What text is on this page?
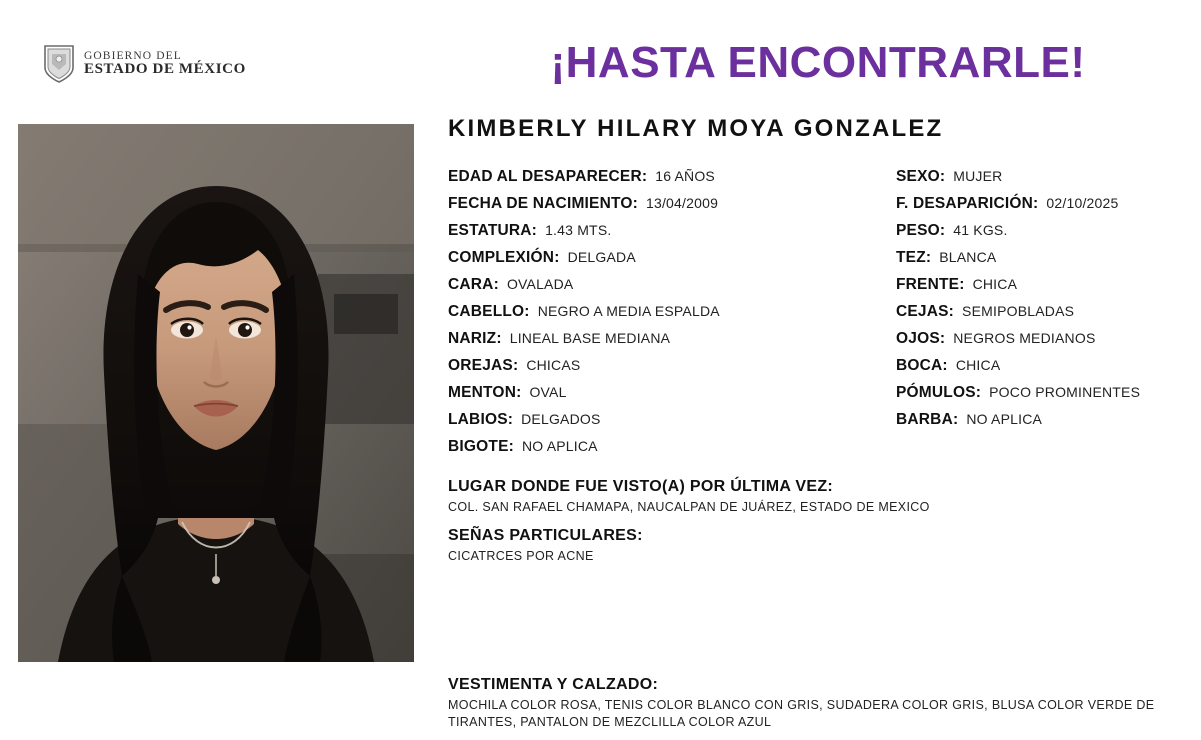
GOBIERNO DEL
ESTADO DE MÉXICO	¡HASTA ENCONTRARLE!
KIMBERLY HILARY MOYA GONZALEZ
EDAD AL DESAPARECER: 16 AÑOS
FECHA DE NACIMIENTO: 13/04/2009
ESTATURA: 1.43 MTS.
COMPLEXIÓN: DELGADA
CARA: OVALADA
CABELLO: NEGRO A MEDIA ESPALDA
NARIZ: LINEAL BASE MEDIANA
OREJAS: CHICAS
MENTON: OVAL
LABIOS: DELGADOS
BIGOTE: NO APLICA
SEXO: MUJER
F. DESAPARICIÓN: 02/10/2025
PESO: 41 KGS.
TEZ: BLANCA
FRENTE: CHICA
CEJAS: SEMIPOBLADAS
OJOS: NEGROS MEDIANOS
BOCA: CHICA
PÓMULOS: POCO PROMINENTES
BARBA: NO APLICA
LUGAR DONDE FUE VISTO(A) POR ÚLTIMA VEZ:
COL. SAN RAFAEL CHAMAPA, NAUCALPAN DE JUÁREZ, ESTADO DE MEXICO
SEÑAS PARTICULARES:
CICATRCES POR ACNE
VESTIMENTA Y CALZADO:
MOCHILA COLOR ROSA, TENIS COLOR BLANCO CON GRIS, SUDADERA COLOR GRIS, BLUSA COLOR VERDE DE TIRANTES, PANTALON DE MEZCLILLA COLOR AZUL
